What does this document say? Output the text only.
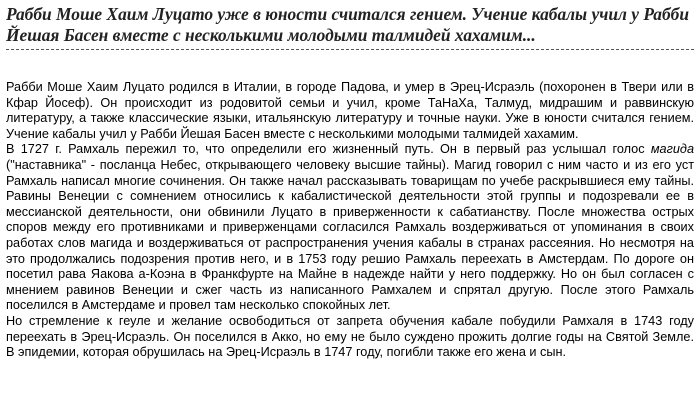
Рабби Моше Хаим Луцато уже в юности считался гением. Учение кабалы учил у Рабби Йешая Басен вместе с несколькими молодыми талмидей хахамим...

Рабби Моше Хаим Луцато родился в Италии, в городе Падова, и умер в Эрец-Исраэль (похоронен в Твери или в Кфар Йосеф). Он происходит из родовитой семьи и учил, кроме ТаНаХа, Талмуд, мидрашим и раввинскую литературу, а также классические языки, итальянскую литературу и точные науки. Уже в юности считался гением. Учение кабалы учил у Рабби Йешая Басен вместе с несколькими молодыми талмидей хахамим.

В 1727 г. Рамхаль пережил то, что определили его жизненный путь. Он в первый раз услышал голос магида ("наставника" - посланца Небес, открывающего человеку высшие тайны). Магид говорил с ним часто и из его уст Рамхаль написал многие сочинения. Он также начал рассказывать товарищам по учебе раскрывшиеся ему тайны. Равины Венеции с сомнением относились к кабалистической деятельности этой группы и подозревали ее в мессианской деятельности, они обвинили Луцато в приверженности к сабатианству. После множества острых споров между его противниками и приверженцами согласился Рамхаль воздерживаться от упоминания в своих работах слов магида и воздерживаться от распространения учения кабалы в странах рассеяния. Но несмотря на это продолжались подозрения против него, и в 1753 году решио Рамхаль переехать в Амстердам. По дороге он посетил рава Яакова а-Коэна в Франкфурте на Майне в надежде найти у него поддержку. Но он был согласен с мнением равинов Венеции и сжег часть из написанного Рамхалем и спрятал другую. После этого Рамхаль поселился в Амстердаме и провел там несколько спокойных лет.

Но стремление к геуле и желание освободиться от запрета обучения кабале побудили Рамхаля в 1743 году переехать в Эрец-Исраэль. Он поселился в Акко, но ему не было суждено прожить долгие годы на Святой Земле. В эпидемии, которая обрушилась на Эрец-Исраэль в 1747 году, погибли также его жена и сын.
